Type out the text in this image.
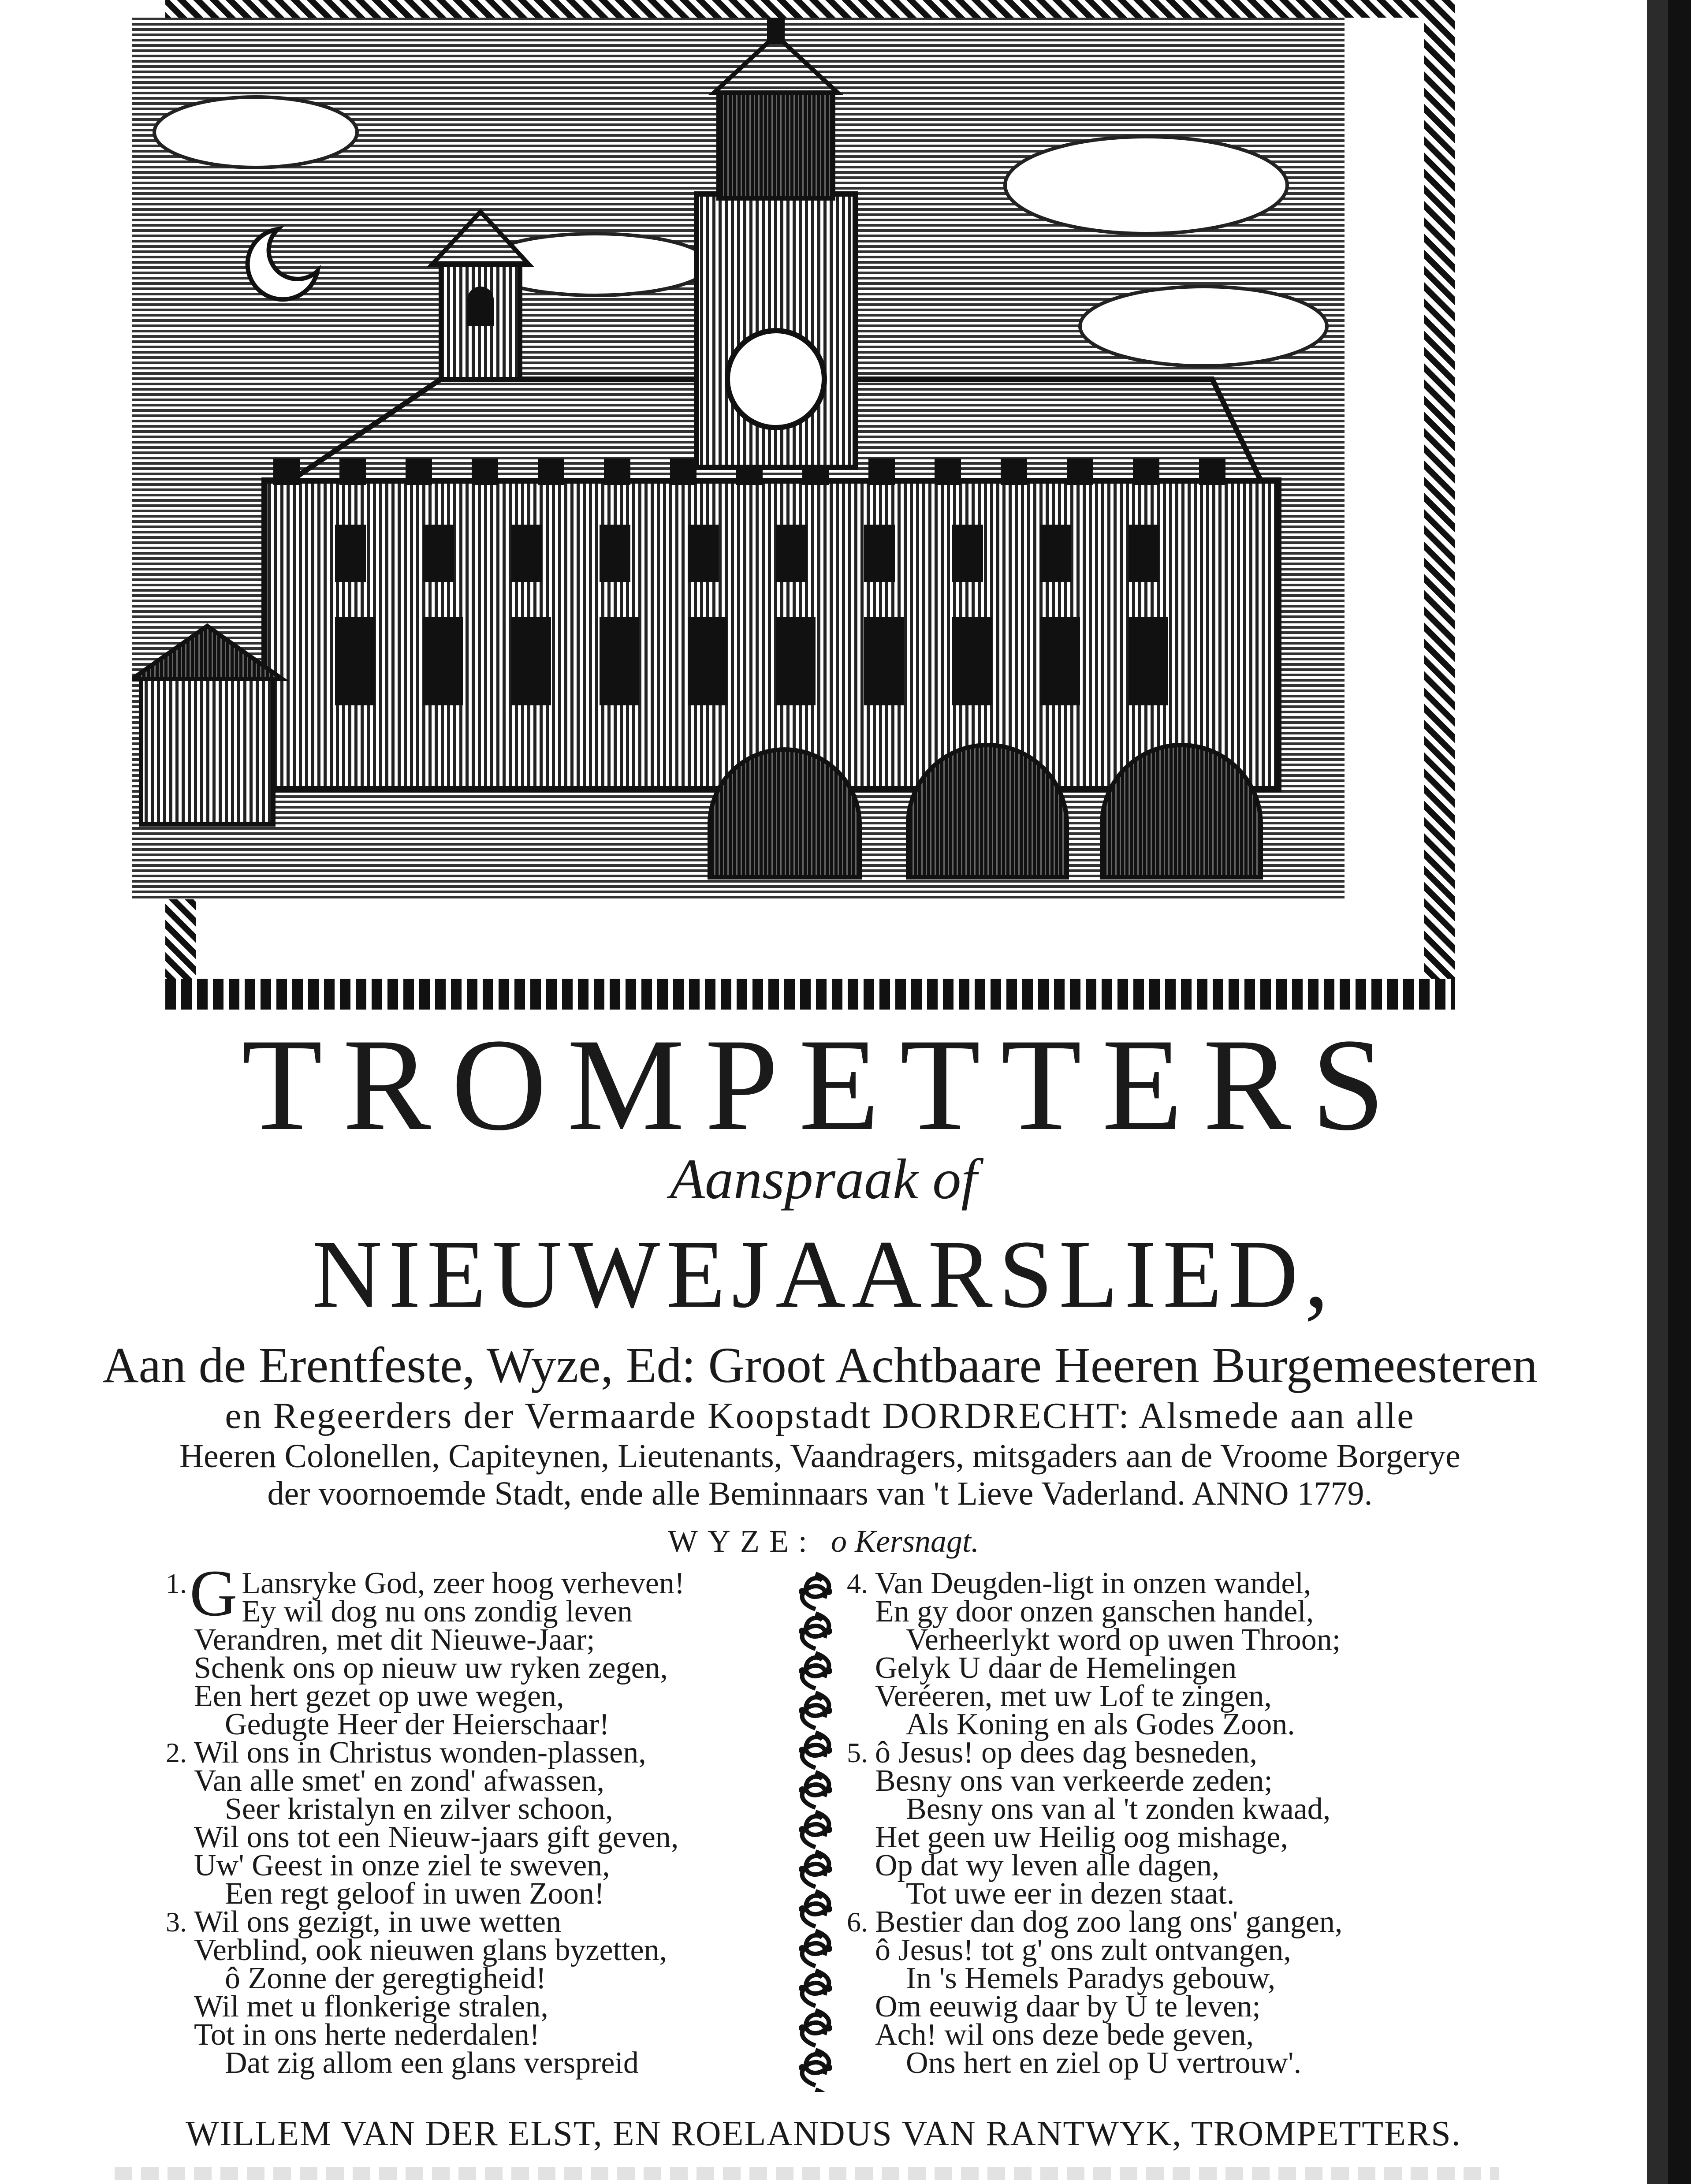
TROMPETTERS
Aanspraak of
NIEUWEJAARSLIED,
Aan de Erentfeste, Wyze, Ed: Groot Achtbaare Heeren Burgemeesteren
en Regeerders der Vermaarde Koopstadt DORDRECHT: Alsmede aan alle
Heeren Colonellen, Capiteynen, Lieutenants, Vaandragers, mitsgaders aan de Vroome Borgerye
der voornoemde Stadt, ende alle Beminnaars van 't Lieve Vaderland. ANNO 1779.
WYZE: o Kersnagt.
1. G Lansryke God, zeer hoog verheven!
Ey wil dog nu ons zondig leven
Verandren, met dit Nieuwe-Jaar;
Schenk ons op nieuw uw ryken zegen,
Een hert gezet op uwe wegen,
Gedugte Heer der Heierschaar!
2. Wil ons in Christus wonden-plassen,
Van alle smet' en zond' afwassen,
Seer kristalyn en zilver schoon,
Wil ons tot een Nieuw-jaars gift geven,
Uw' Geest in onze ziel te sweven,
Een regt geloof in uwen Zoon!
3. Wil ons gezigt, in uwe wetten
Verblind, ook nieuwen glans byzetten,
ô Zonne der geregtigheid!
Wil met u flonkerige stralen,
Tot in ons herte nederdalen!
Dat zig allom een glans verspreid
4. Van Deugden-ligt in onzen wandel,
En gy door onzen ganschen handel,
Verheerlykt word op uwen Throon;
Gelyk U daar de Hemelingen
Veréeren, met uw Lof te zingen,
Als Koning en als Godes Zoon.
5. ô Jesus! op dees dag besneden,
Besny ons van verkeerde zeden;
Besny ons van al 't zonden kwaad,
Het geen uw Heilig oog mishage,
Op dat wy leven alle dagen,
Tot uwe eer in dezen staat.
6. Bestier dan dog zoo lang ons' gangen,
ô Jesus! tot g' ons zult ontvangen,
In 's Hemels Paradys gebouw,
Om eeuwig daar by U te leven;
Ach! wil ons deze bede geven,
Ons hert en ziel op U vertrouw'.
WILLEM VAN DER ELST, EN ROELANDUS VAN RANTWYK, TROMPETTERS.
